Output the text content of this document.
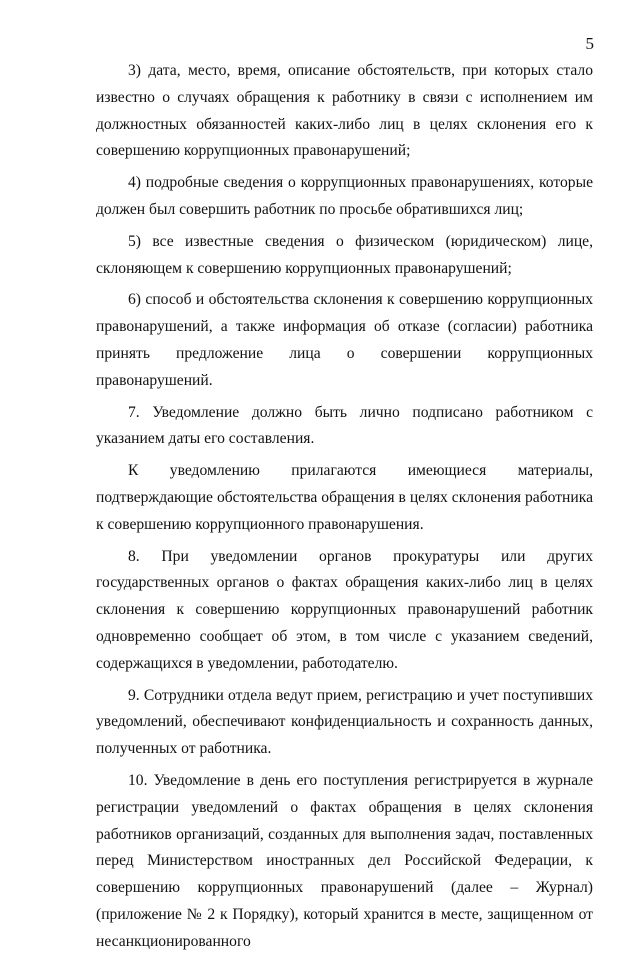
5

3) дата, место, время, описание обстоятельств, при которых стало известно о случаях обращения к работнику в связи с исполнением им должностных обязанностей каких-либо лиц в целях склонения его к совершению коррупционных правонарушений;

4) подробные сведения о коррупционных правонарушениях, которые должен был совершить работник по просьбе обратившихся лиц;

5) все известные сведения о физическом (юридическом) лице, склоняющем к совершению коррупционных правонарушений;

6) способ и обстоятельства склонения к совершению коррупционных правонарушений, а также информация об отказе (согласии) работника принять предложение лица о совершении коррупционных правонарушений.

7. Уведомление должно быть лично подписано работником с указанием даты его составления.

К уведомлению прилагаются имеющиеся материалы, подтверждающие обстоятельства обращения в целях склонения работника к совершению коррупционного правонарушения.

8. При уведомлении органов прокуратуры или других государственных органов о фактах обращения каких-либо лиц в целях склонения к совершению коррупционных правонарушений работник одновременно сообщает об этом, в том числе с указанием сведений, содержащихся в уведомлении, работодателю.

9. Сотрудники отдела ведут прием, регистрацию и учет поступивших уведомлений, обеспечивают конфиденциальность и сохранность данных, полученных от работника.

10. Уведомление в день его поступления регистрируется в журнале регистрации уведомлений о фактах обращения в целях склонения работников организаций, созданных для выполнения задач, поставленных перед Министерством иностранных дел Российской Федерации, к совершению коррупционных правонарушений (далее – Журнал) (приложение № 2 к Порядку), который хранится в месте, защищенном от несанкционированного
